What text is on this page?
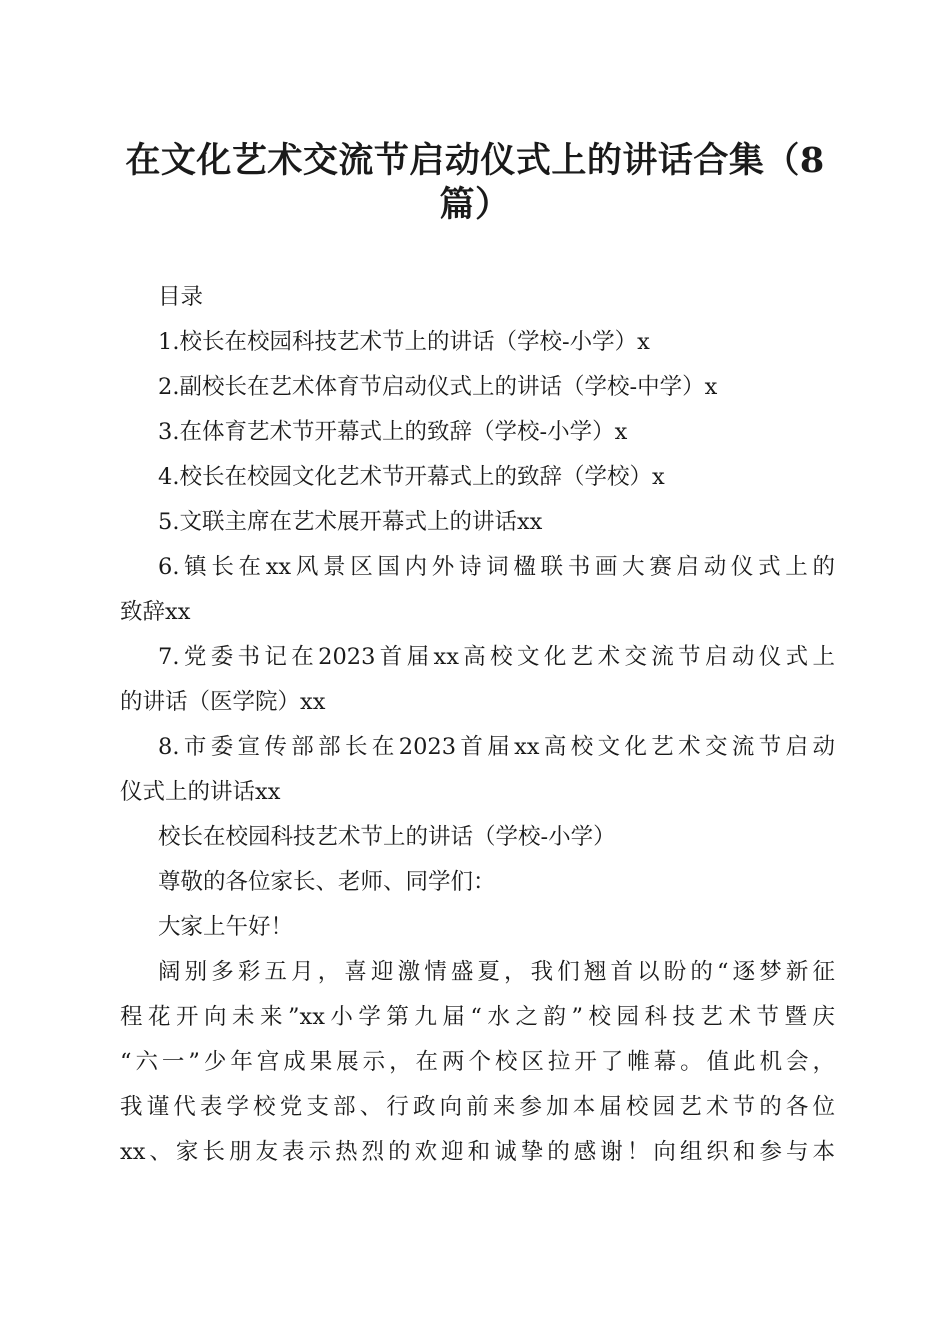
在文化艺术交流节启动仪式上的讲话合集（8
篇）
目录
1.校长在校园科技艺术节上的讲话（学校-小学）x
2.副校长在艺术体育节启动仪式上的讲话（学校-中学）x
3.在体育艺术节开幕式上的致辞（学校-小学）x
4.校长在校园文化艺术节开幕式上的致辞（学校）x
5.文联主席在艺术展开幕式上的讲话xx
6.镇长在xx风景区国内外诗词楹联书画大赛启动仪式上的
致辞xx
7.党委书记在2023首届xx高校文化艺术交流节启动仪式上
的讲话（医学院）xx
8.市委宣传部部长在2023首届xx高校文化艺术交流节启动
仪式上的讲话xx
校长在校园科技艺术节上的讲话（学校-小学）
尊敬的各位家长、老师、同学们：
大家上午好！
阔别多彩五月，喜迎激情盛夏，我们翘首以盼的“逐梦新征
程花开向未来”xx小学第九届“水之韵”校园科技艺术节暨庆
“六一”少年宫成果展示，在两个校区拉开了帷幕。值此机会，
我谨代表学校党支部、行政向前来参加本届校园艺术节的各位
xx、家长朋友表示热烈的欢迎和诚挚的感谢！向组织和参与本
